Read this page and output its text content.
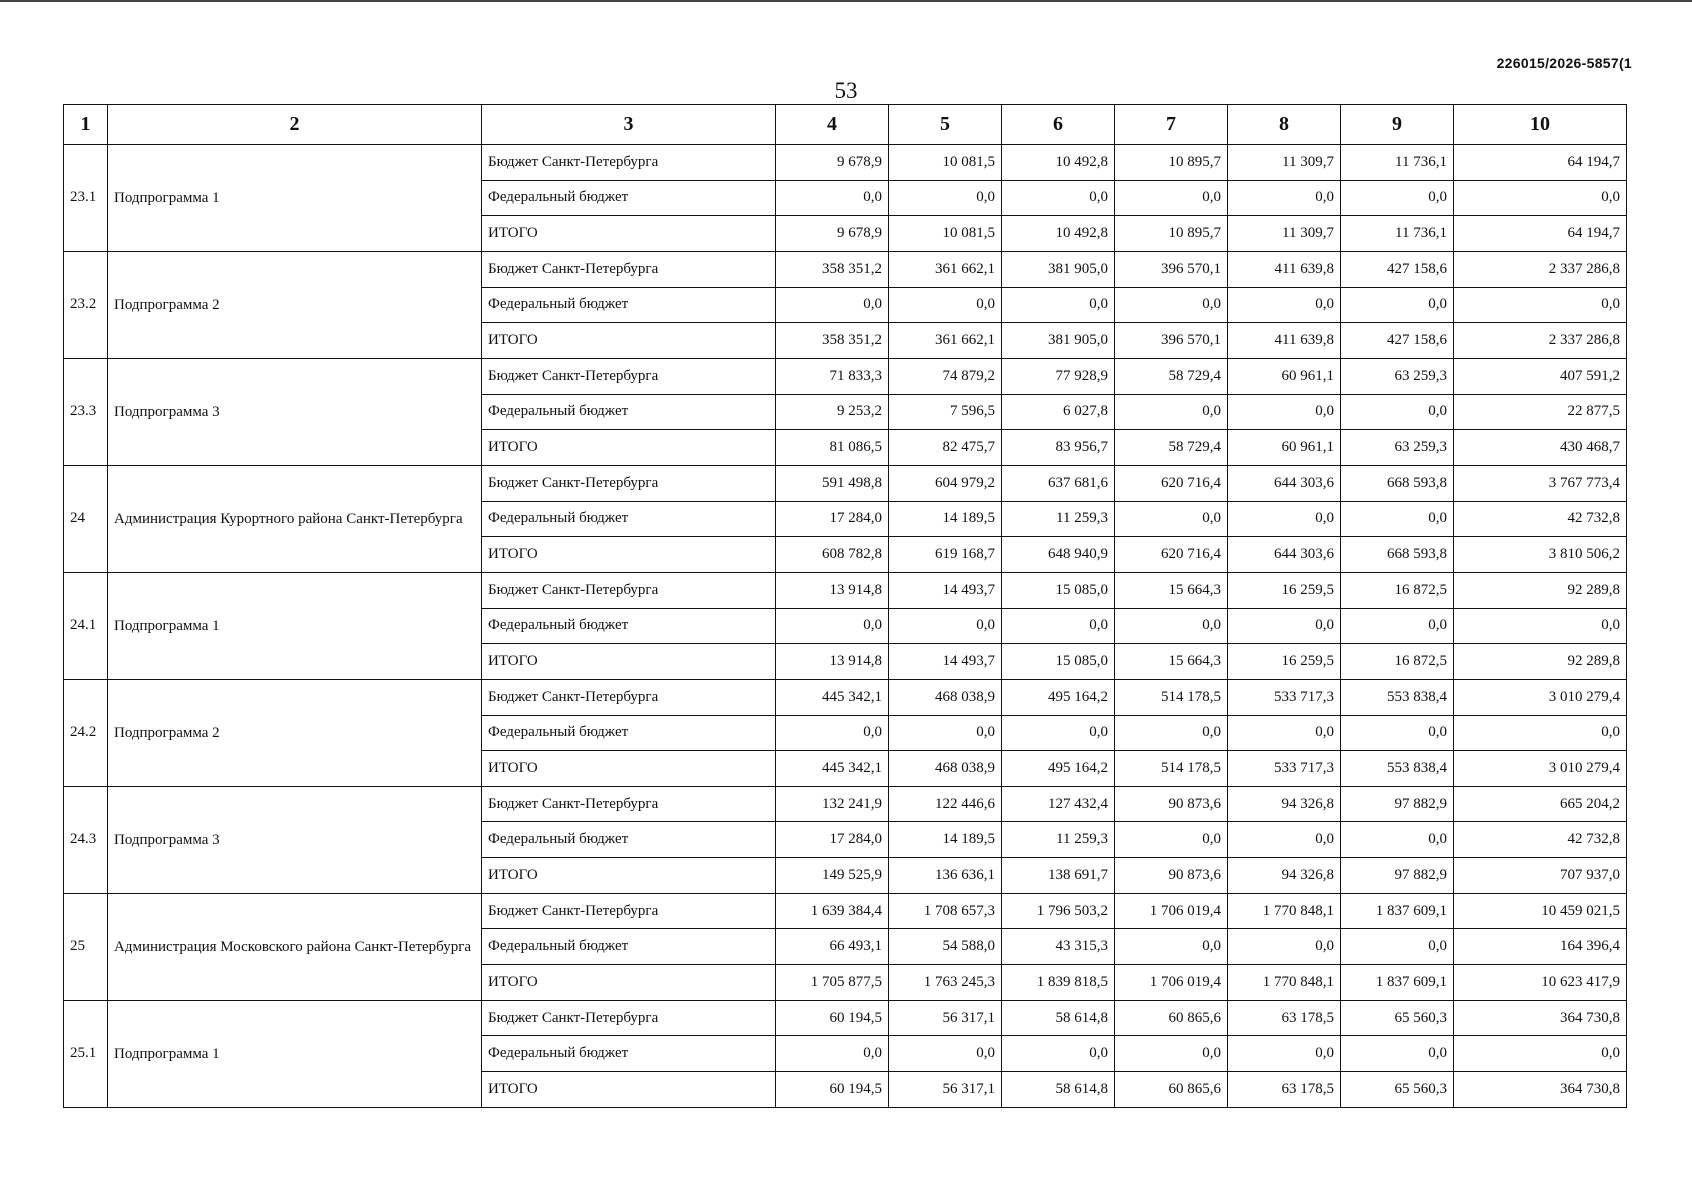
226015/2026-5857(1
53
1	2	3	4	5	6	7	8	9	10
23.1	Подпрограмма 1	Бюджет Санкт-Петербурга	9 678,9	10 081,5	10 492,8	10 895,7	11 309,7	11 736,1	64 194,7
		Федеральный бюджет	0,0	0,0	0,0	0,0	0,0	0,0	0,0
		ИТОГО	9 678,9	10 081,5	10 492,8	10 895,7	11 309,7	11 736,1	64 194,7
23.2	Подпрограмма 2	Бюджет Санкт-Петербурга	358 351,2	361 662,1	381 905,0	396 570,1	411 639,8	427 158,6	2 337 286,8
		Федеральный бюджет	0,0	0,0	0,0	0,0	0,0	0,0	0,0
		ИТОГО	358 351,2	361 662,1	381 905,0	396 570,1	411 639,8	427 158,6	2 337 286,8
23.3	Подпрограмма 3	Бюджет Санкт-Петербурга	71 833,3	74 879,2	77 928,9	58 729,4	60 961,1	63 259,3	407 591,2
		Федеральный бюджет	9 253,2	7 596,5	6 027,8	0,0	0,0	0,0	22 877,5
		ИТОГО	81 086,5	82 475,7	83 956,7	58 729,4	60 961,1	63 259,3	430 468,7
24	Администрация Курортного района Санкт-Петербурга	Бюджет Санкт-Петербурга	591 498,8	604 979,2	637 681,6	620 716,4	644 303,6	668 593,8	3 767 773,4
		Федеральный бюджет	17 284,0	14 189,5	11 259,3	0,0	0,0	0,0	42 732,8
		ИТОГО	608 782,8	619 168,7	648 940,9	620 716,4	644 303,6	668 593,8	3 810 506,2
24.1	Подпрограмма 1	Бюджет Санкт-Петербурга	13 914,8	14 493,7	15 085,0	15 664,3	16 259,5	16 872,5	92 289,8
		Федеральный бюджет	0,0	0,0	0,0	0,0	0,0	0,0	0,0
		ИТОГО	13 914,8	14 493,7	15 085,0	15 664,3	16 259,5	16 872,5	92 289,8
24.2	Подпрограмма 2	Бюджет Санкт-Петербурга	445 342,1	468 038,9	495 164,2	514 178,5	533 717,3	553 838,4	3 010 279,4
		Федеральный бюджет	0,0	0,0	0,0	0,0	0,0	0,0	0,0
		ИТОГО	445 342,1	468 038,9	495 164,2	514 178,5	533 717,3	553 838,4	3 010 279,4
24.3	Подпрограмма 3	Бюджет Санкт-Петербурга	132 241,9	122 446,6	127 432,4	90 873,6	94 326,8	97 882,9	665 204,2
		Федеральный бюджет	17 284,0	14 189,5	11 259,3	0,0	0,0	0,0	42 732,8
		ИТОГО	149 525,9	136 636,1	138 691,7	90 873,6	94 326,8	97 882,9	707 937,0
25	Администрация Московского района Санкт-Петербурга	Бюджет Санкт-Петербурга	1 639 384,4	1 708 657,3	1 796 503,2	1 706 019,4	1 770 848,1	1 837 609,1	10 459 021,5
		Федеральный бюджет	66 493,1	54 588,0	43 315,3	0,0	0,0	0,0	164 396,4
		ИТОГО	1 705 877,5	1 763 245,3	1 839 818,5	1 706 019,4	1 770 848,1	1 837 609,1	10 623 417,9
25.1	Подпрограмма 1	Бюджет Санкт-Петербурга	60 194,5	56 317,1	58 614,8	60 865,6	63 178,5	65 560,3	364 730,8
		Федеральный бюджет	0,0	0,0	0,0	0,0	0,0	0,0	0,0
		ИТОГО	60 194,5	56 317,1	58 614,8	60 865,6	63 178,5	65 560,3	364 730,8
